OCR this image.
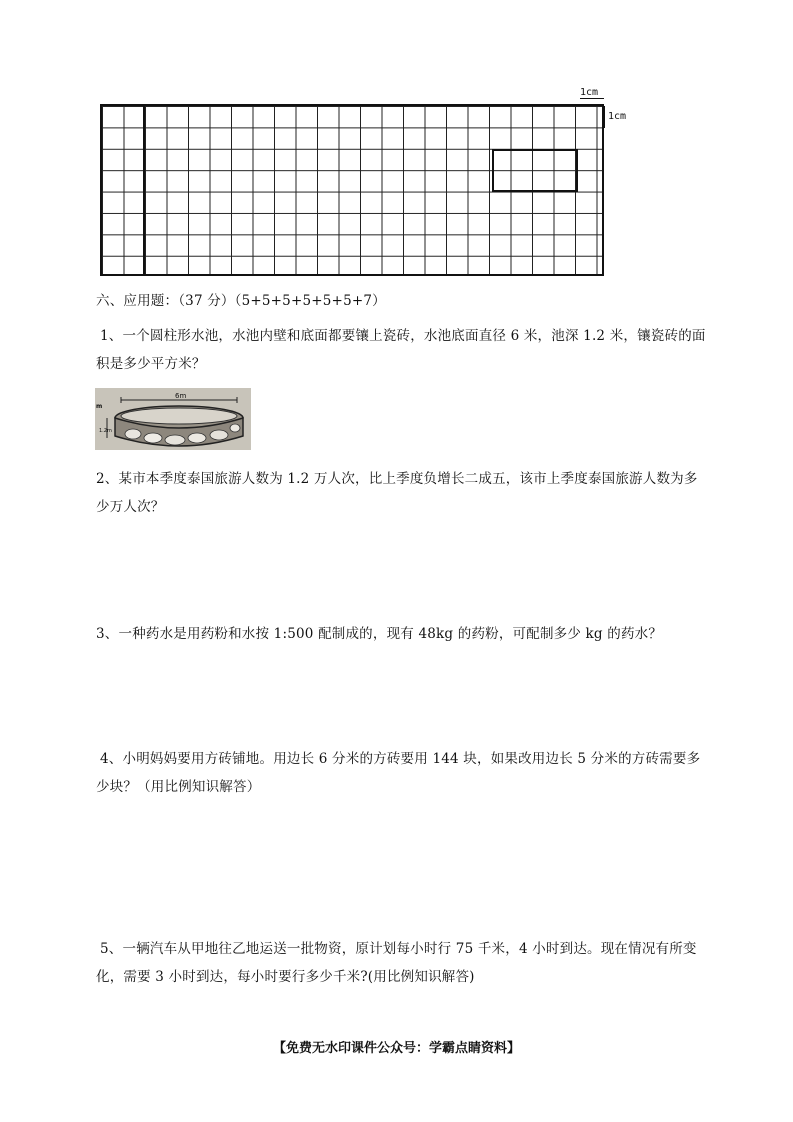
1cm
1cm
六、应用题：（37 分）（5+5+5+5+5+5+7）
1、一个圆柱形水池，水池内壁和底面都要镶上瓷砖，水池底面直径 6 米，池深 1.2 米，镶瓷砖的面积是多少平方米？
6m
m
1.2m
2、某市本季度泰国旅游人数为 1.2 万人次，比上季度负增长二成五，该市上季度泰国旅游人数为多少万人次？
3、一种药水是用药粉和水按 1:500 配制成的，现有 48kg 的药粉，可配制多少 kg 的药水？
4、小明妈妈要用方砖铺地。用边长 6 分米的方砖要用 144 块，如果改用边长 5 分米的方砖需要多少块？（用比例知识解答）
5、一辆汽车从甲地往乙地运送一批物资，原计划每小时行 75 千米，4 小时到达。现在情况有所变化，需要 3 小时到达，每小时要行多少千米?(用比例知识解答)
【免费无水印课件公众号：学霸点睛资料】
